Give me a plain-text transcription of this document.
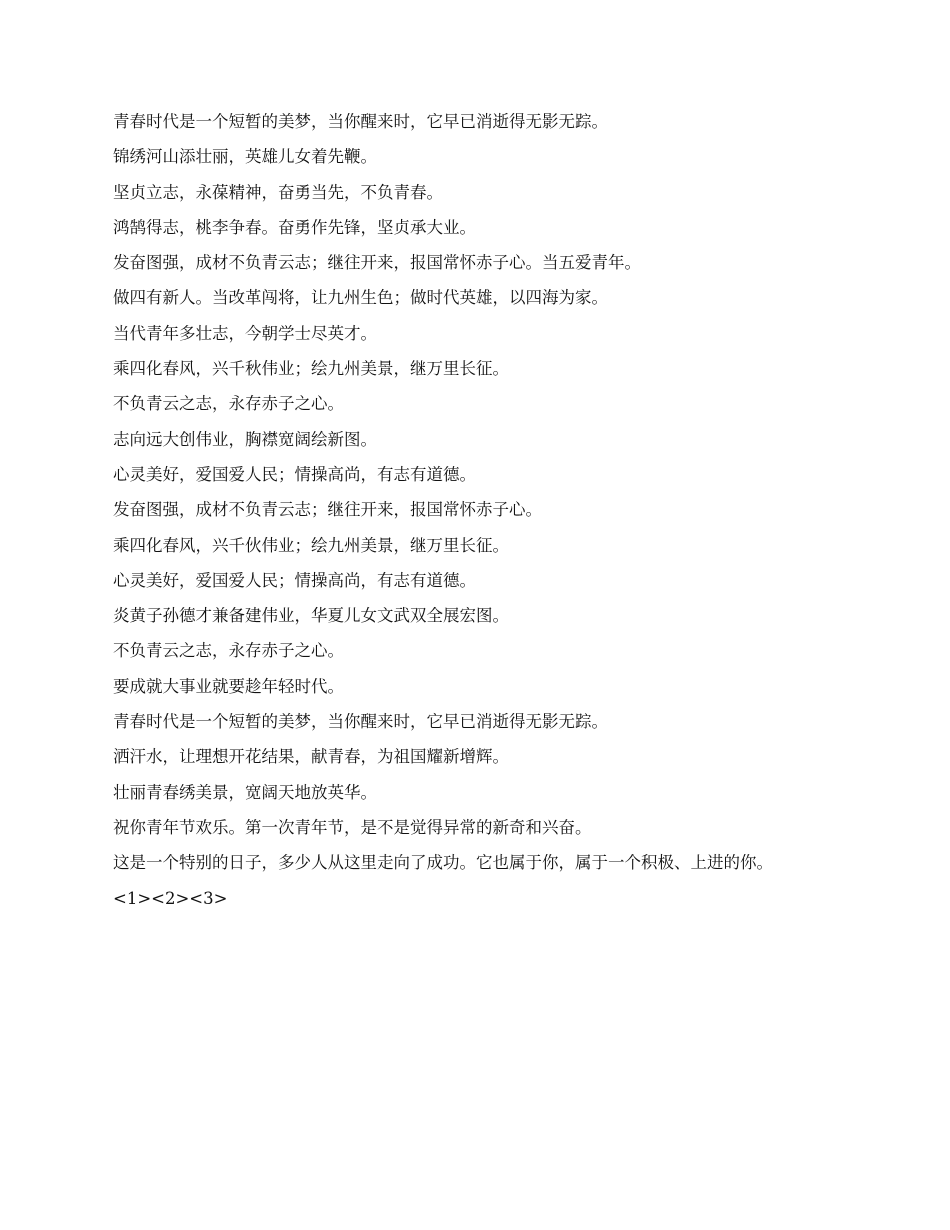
青春时代是一个短暂的美梦，当你醒来时，它早已消逝得无影无踪。

锦绣河山添壮丽，英雄儿女着先鞭。

坚贞立志，永葆精神，奋勇当先，不负青春。

鸿鹄得志，桃李争春。奋勇作先锋，坚贞承大业。

发奋图强，成材不负青云志；继往开来，报国常怀赤子心。当五爱青年。

做四有新人。当改革闯将，让九州生色；做时代英雄，以四海为家。

当代青年多壮志，今朝学士尽英才。

乘四化春风，兴千秋伟业；绘九州美景，继万里长征。

不负青云之志，永存赤子之心。

志向远大创伟业，胸襟宽阔绘新图。

心灵美好，爱国爱人民；情操高尚，有志有道德。

发奋图强，成材不负青云志；继往开来，报国常怀赤子心。

乘四化春风，兴千伙伟业；绘九州美景，继万里长征。

心灵美好，爱国爱人民；情操高尚，有志有道德。

炎黄子孙德才兼备建伟业，华夏儿女文武双全展宏图。

不负青云之志，永存赤子之心。

要成就大事业就要趁年轻时代。

青春时代是一个短暂的美梦，当你醒来时，它早已消逝得无影无踪。

洒汗水，让理想开花结果，献青春，为祖国耀新增辉。

壮丽青春绣美景，宽阔天地放英华。

祝你青年节欢乐。第一次青年节，是不是觉得异常的新奇和兴奋。

这是一个特别的日子，多少人从这里走向了成功。它也属于你，属于一个积极、上进的你。

<1><2><3>
